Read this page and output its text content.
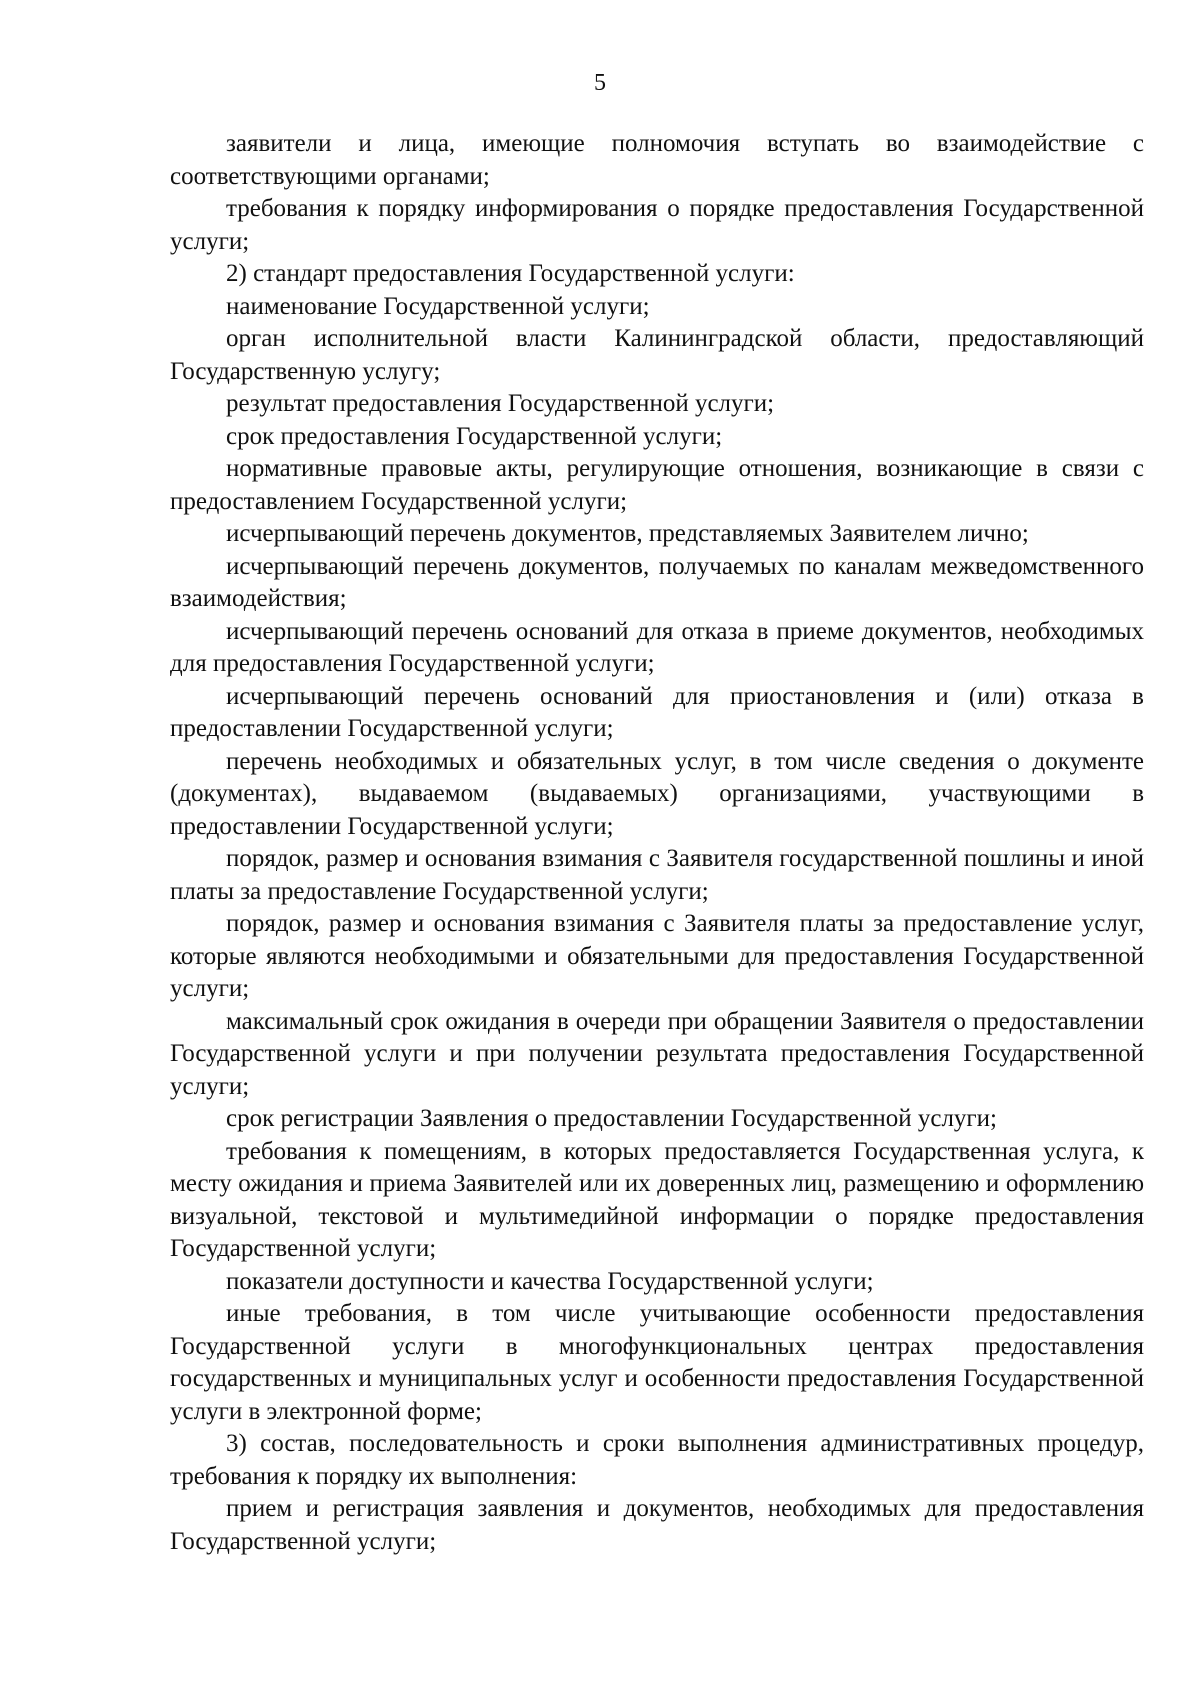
5

заявители и лица, имеющие полномочия вступать во взаимодействие с соответствующими органами;

требования к порядку информирования о порядке предоставления Государственной услуги;

2) стандарт предоставления Государственной услуги:

наименование Государственной услуги;

орган исполнительной власти Калининградской области, предоставляющий Государственную услугу;

результат предоставления Государственной услуги;

срок предоставления Государственной услуги;

нормативные правовые акты, регулирующие отношения, возникающие в связи с предоставлением Государственной услуги;

исчерпывающий перечень документов, представляемых Заявителем лично;

исчерпывающий перечень документов, получаемых по каналам межведомственного взаимодействия;

исчерпывающий перечень оснований для отказа в приеме документов, необходимых для предоставления Государственной услуги;

исчерпывающий перечень оснований для приостановления и (или) отказа в предоставлении Государственной услуги;

перечень необходимых и обязательных услуг, в том числе сведения о документе (документах), выдаваемом (выдаваемых) организациями, участвующими в предоставлении Государственной услуги;

порядок, размер и основания взимания с Заявителя государственной пошлины и иной платы за предоставление Государственной услуги;

порядок, размер и основания взимания с Заявителя платы за предоставление услуг, которые являются необходимыми и обязательными для предоставления Государственной услуги;

максимальный срок ожидания в очереди при обращении Заявителя о предоставлении Государственной услуги и при получении результата предоставления Государственной услуги;

срок регистрации Заявления о предоставлении Государственной услуги;

требования к помещениям, в которых предоставляется Государственная услуга, к месту ожидания и приема Заявителей или их доверенных лиц, размещению и оформлению визуальной, текстовой и мультимедийной информации о порядке предоставления Государственной услуги;

показатели доступности и качества Государственной услуги;

иные требования, в том числе учитывающие особенности предоставления Государственной услуги в многофункциональных центрах предоставления государственных и муниципальных услуг и особенности предоставления Государственной услуги в электронной форме;

3) состав, последовательность и сроки выполнения административных процедур, требования к порядку их выполнения:

прием и регистрация заявления и документов, необходимых для предоставления Государственной услуги;
